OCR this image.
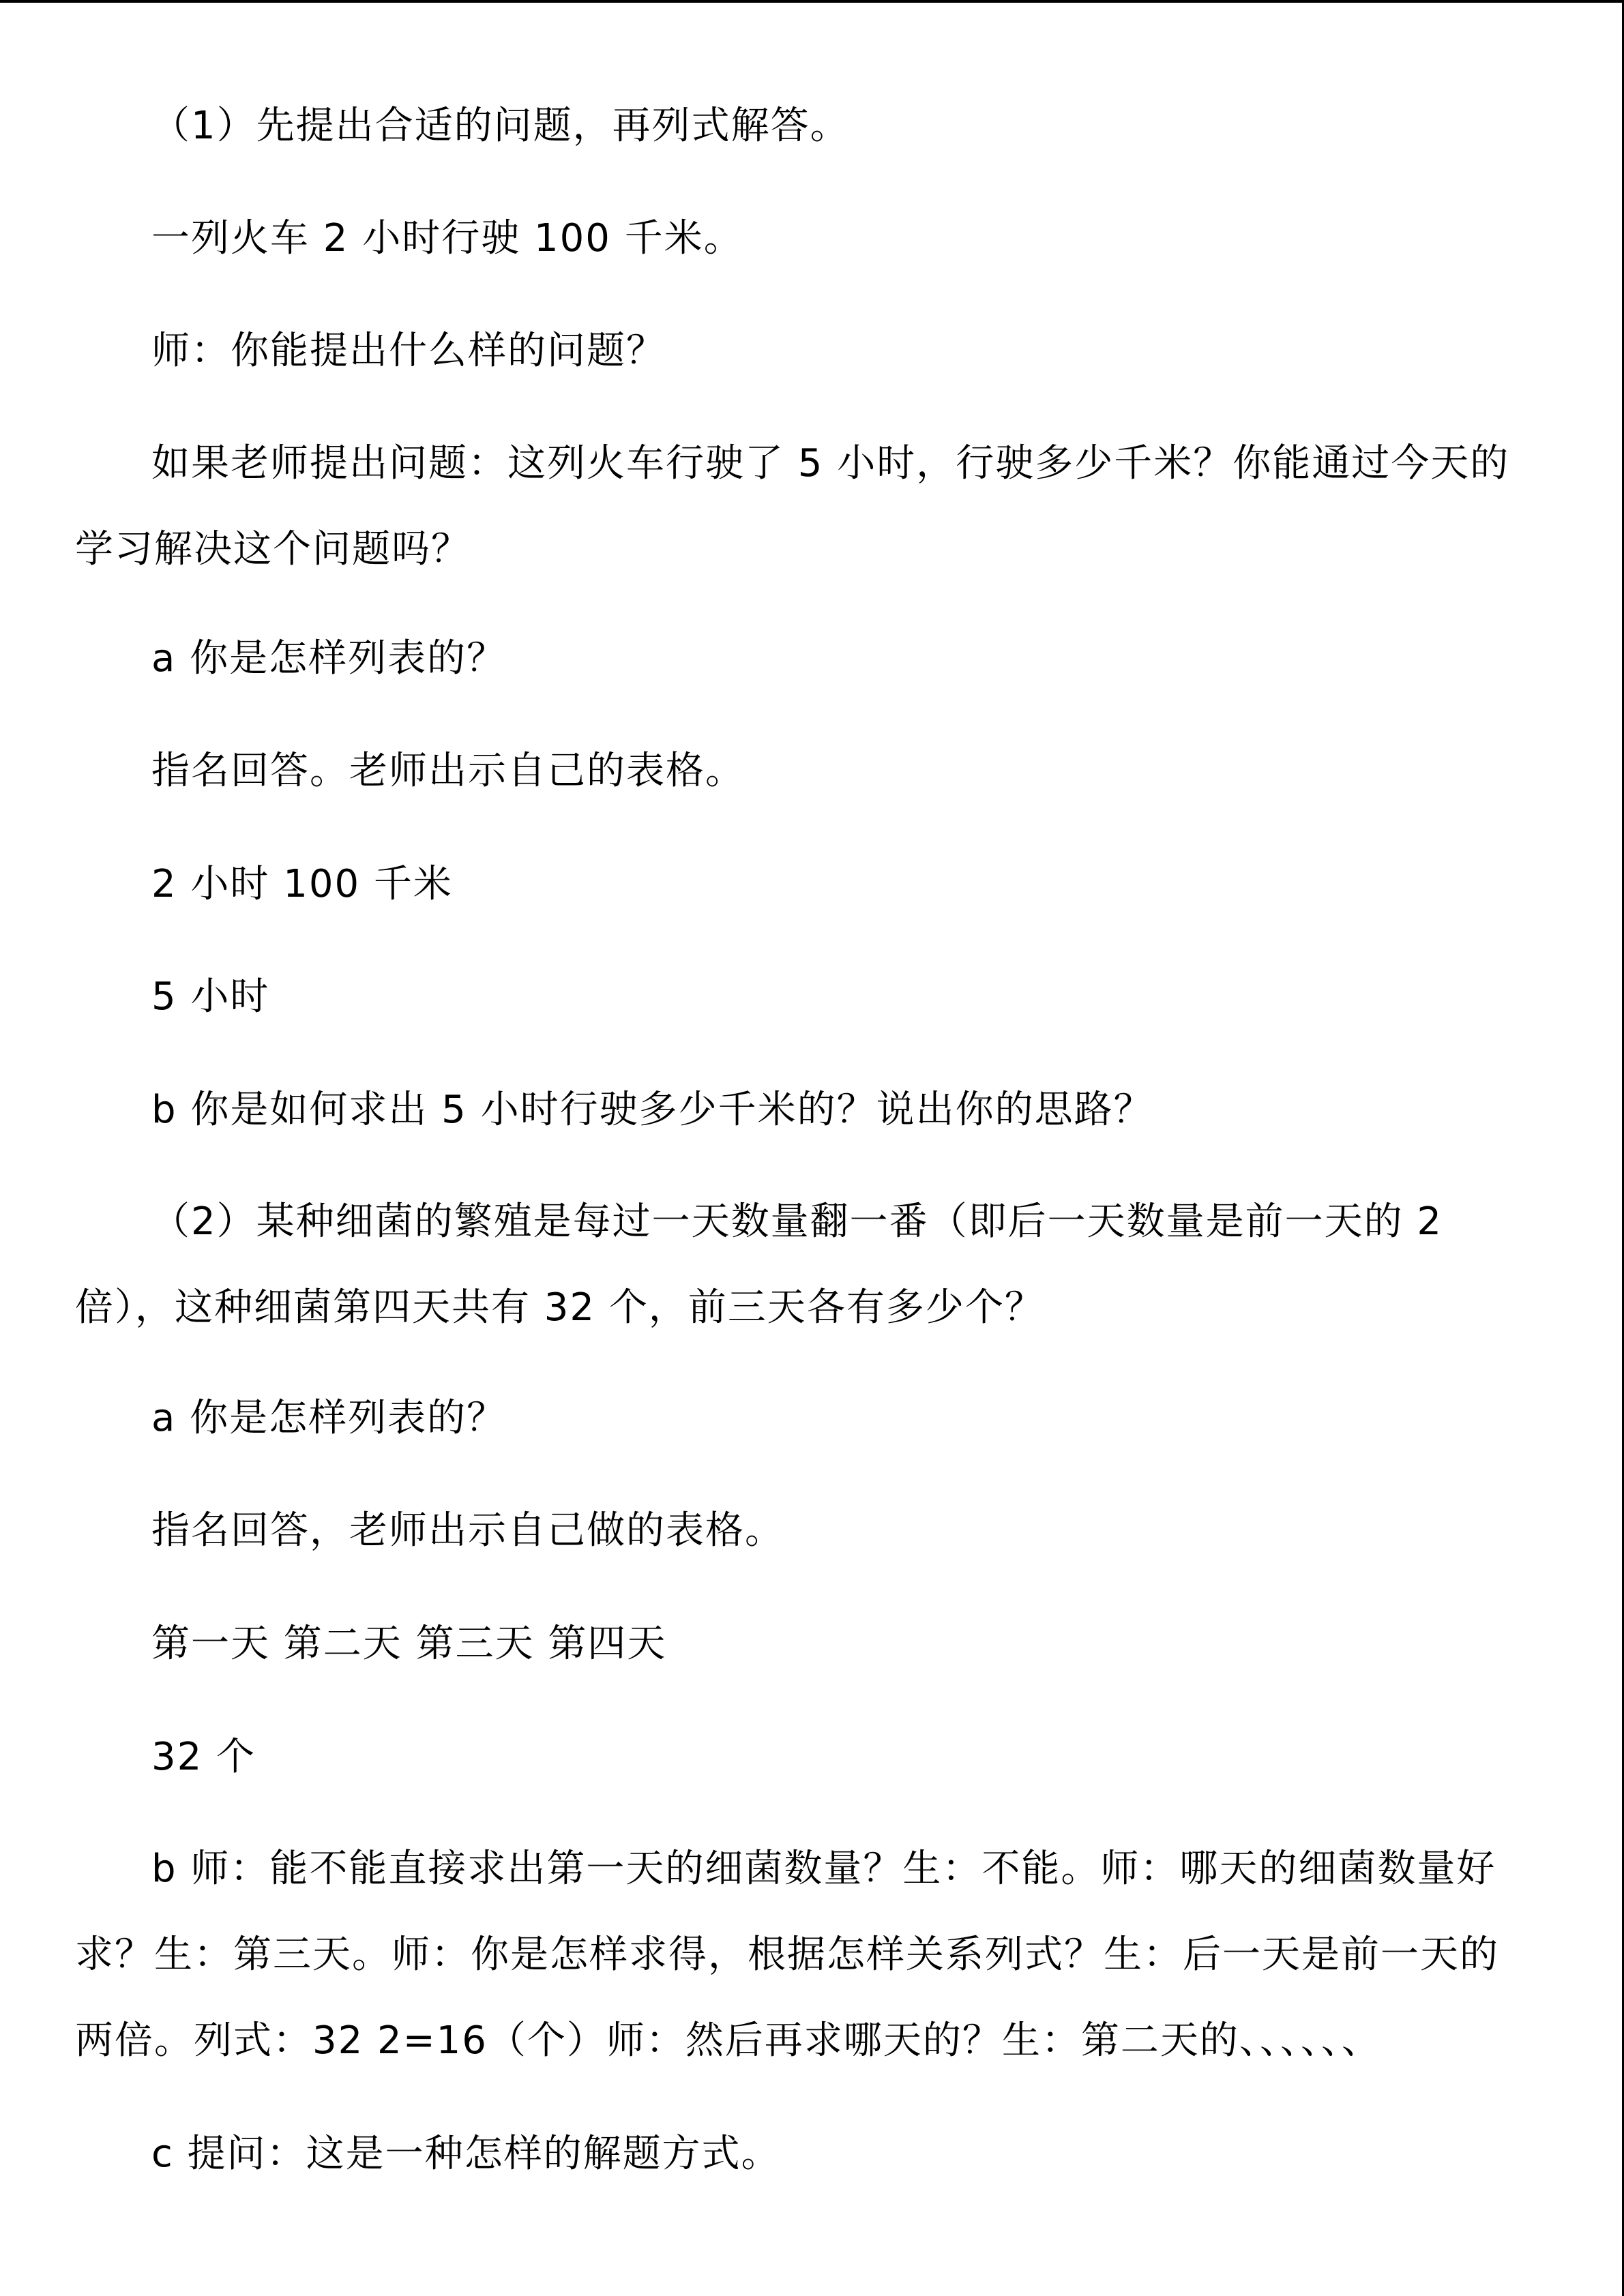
（1）先提出合适的问题，再列式解答。
一列火车 2 小时行驶 100 千米。
师：你能提出什么样的问题？
如果老师提出问题：这列火车行驶了 5 小时，行驶多少千米？你能通过今天的学习解决这个问题吗？
a 你是怎样列表的？
指名回答。老师出示自己的表格。
2 小时 100 千米
5 小时
b 你是如何求出 5 小时行驶多少千米的？说出你的思路？
（2）某种细菌的繁殖是每过一天数量翻一番（即后一天数量是前一天的 2 倍），这种细菌第四天共有 32 个，前三天各有多少个？
a 你是怎样列表的？
指名回答，老师出示自己做的表格。
第一天 第二天 第三天 第四天
32 个
b 师：能不能直接求出第一天的细菌数量？生：不能。师：哪天的细菌数量好求？生：第三天。师：你是怎样求得，根据怎样关系列式？生：后一天是前一天的两倍。列式：32 2=16（个）师：然后再求哪天的？生：第二天的、、、、、、
c 提问：这是一种怎样的解题方式。
